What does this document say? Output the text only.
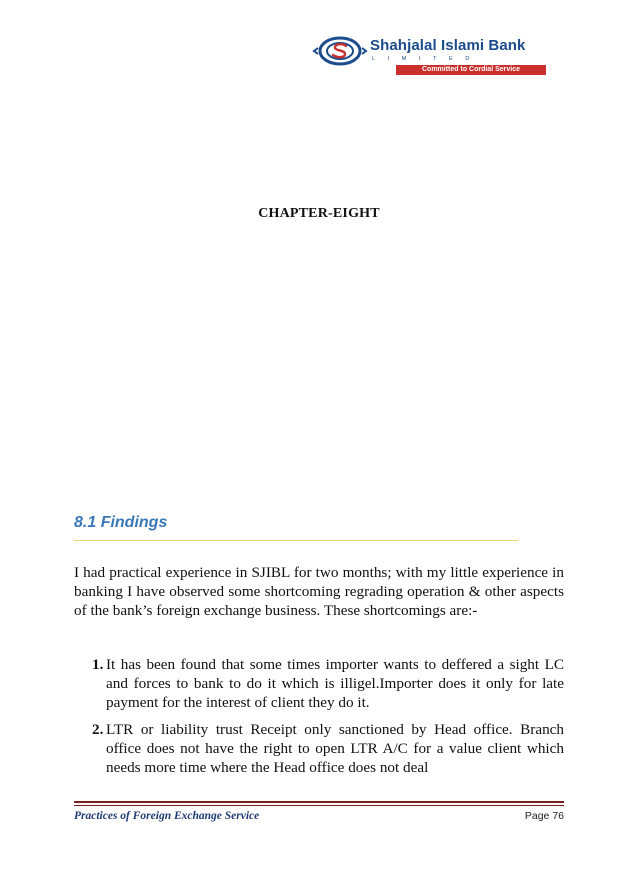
Shahjalal Islami Bank
LIMITED
Committed to Cordial Service
CHAPTER-EIGHT
8.1 Findings

I had practical experience in SJIBL for two months; with my little experience in banking I have observed some shortcoming regrading operation & other aspects of the bank’s foreign exchange business. These shortcomings are:-

1. It has been found that some times importer wants to deffered a sight LC and forces to bank to do it which is illigel.Importer does it only for late payment for the interest of client they do it.
2. LTR or liability trust Receipt only sanctioned by Head office. Branch office does not have the right to open LTR A/C for a value client which needs more time where the Head office does not deal
Practices of Foreign Exchange Service	Page 76
